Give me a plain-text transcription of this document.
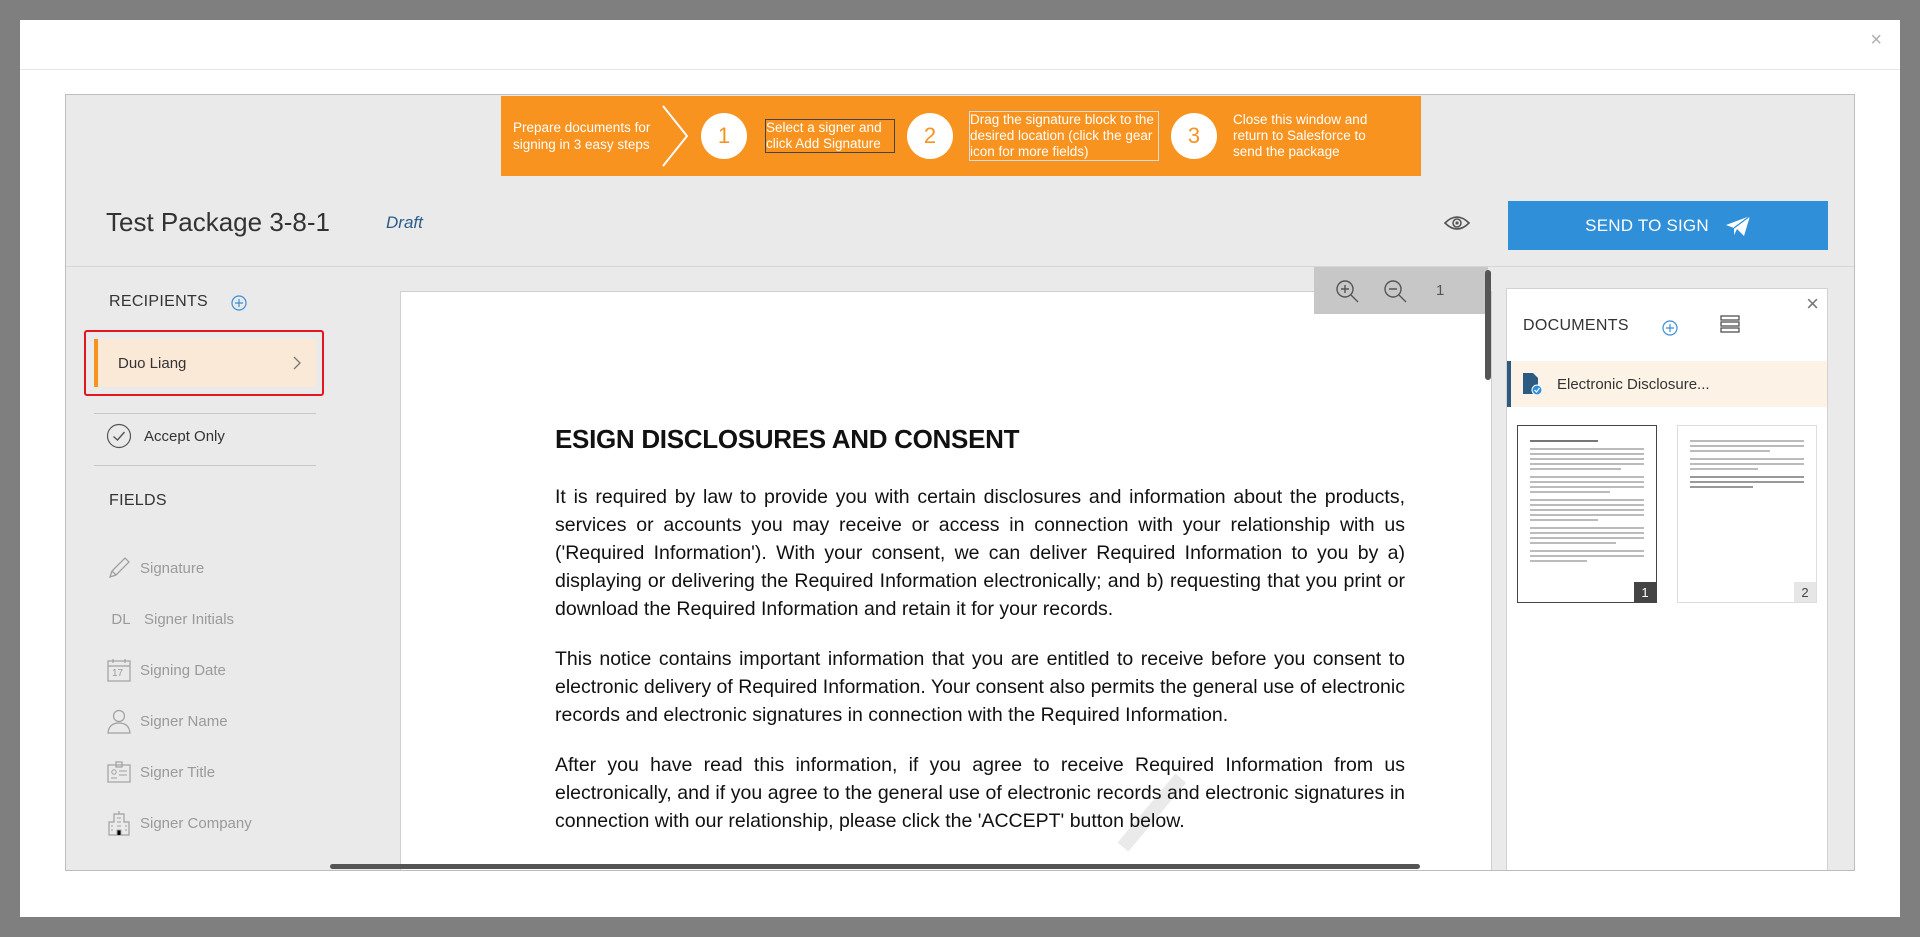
×
Prepare documents for signing in 3 easy steps	1	Select a signer and click Add Signature	2
Drag the signature block to the desired location (click the gear icon for more fields)
3
Close this window and return to Salesforce to send the package
Test Package 3-8-1	Draft	SEND TO SIGN
RECIPIENTS
Duo Liang
Accept Only
FIELDS
Signature
DL Signer Initials
17 Signing Date
Signer Name
Signer Title
Signer Company
ESIGN DISCLOSURES AND CONSENT

It is required by law to provide you with certain disclosures and information about the products, services or accounts you may receive or access in connection with your relationship with us ('Required Information'). With your consent, we can deliver Required Information to you by a) displaying or delivering the Required Information electronically; and b) requesting that you print or download the Required Information and retain it for your records.

This notice contains important information that you are entitled to receive before you consent to electronic delivery of Required Information. Your consent also permits the general use of electronic records and electronic signatures in connection with the Required Information.

After you have read this information, if you agree to receive Required Information from us electronically, and if you agree to the general use of electronic records and electronic signatures in connection with our relationship, please click the 'ACCEPT' button below.

1
×
DOCUMENTS
Electronic Disclosure...
1	2
